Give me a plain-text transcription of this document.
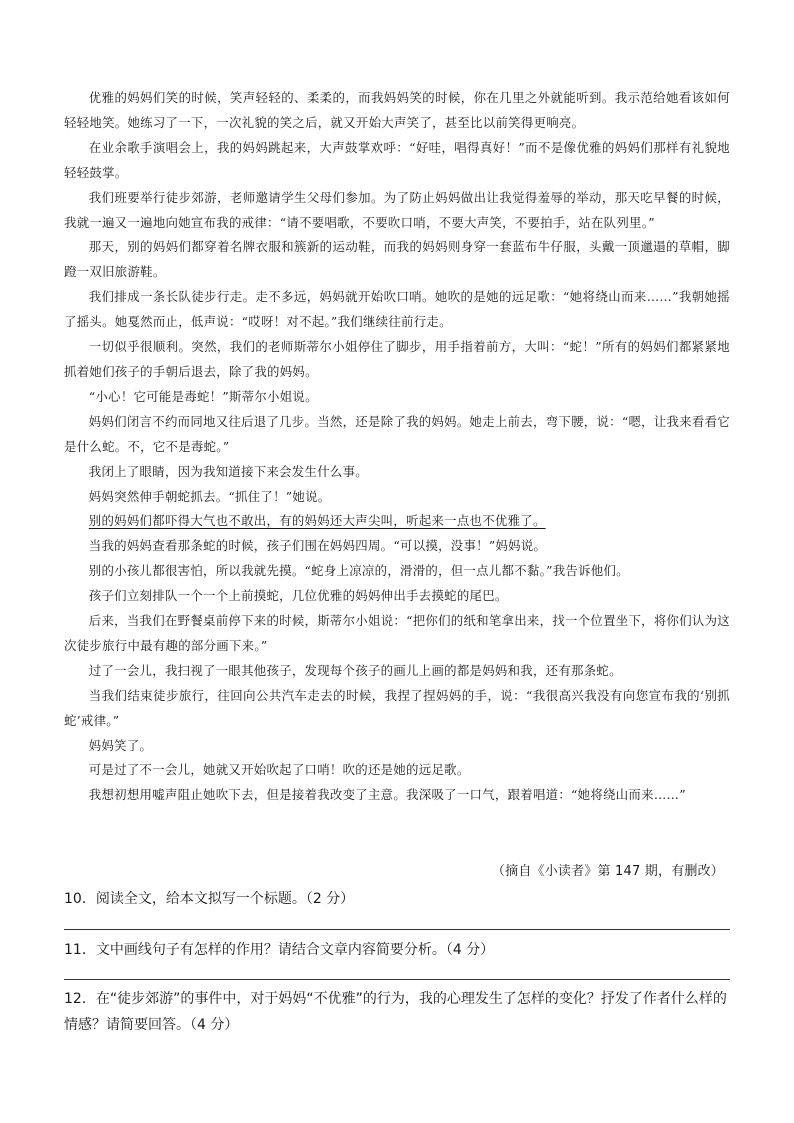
优雅的妈妈们笑的时候，笑声轻轻的、柔柔的，而我妈妈笑的时候，你在几里之外就能听到。我示范给她看该如何轻轻地笑。她练习了一下，一次礼貌的笑之后，就又开始大声笑了，甚至比以前笑得更响亮。

在业余歌手演唱会上，我的妈妈跳起来，大声鼓掌欢呼：“好哇，唱得真好！”而不是像优雅的妈妈们那样有礼貌地轻轻鼓掌。

我们班要举行徒步郊游，老师邀请学生父母们参加。为了防止妈妈做出让我觉得羞辱的举动，那天吃早餐的时候，我就一遍又一遍地向她宣布我的戒律：“请不要唱歌，不要吹口哨，不要大声笑，不要拍手，站在队列里。”

那天，别的妈妈们都穿着名牌衣服和簇新的运动鞋，而我的妈妈则身穿一套蓝布牛仔服，头戴一顶邋遢的草帽，脚蹬一双旧旅游鞋。

我们排成一条长队徒步行走。走不多远，妈妈就开始吹口哨。她吹的是她的远足歌：“她将绕山而来……”我朝她摇了摇头。她戛然而止，低声说：“哎呀！对不起。”我们继续往前行走。

一切似乎很顺利。突然，我们的老师斯蒂尔小姐停住了脚步，用手指着前方，大叫：“蛇！”所有的妈妈们都紧紧地抓着她们孩子的手朝后退去，除了我的妈妈。

“小心！它可能是毒蛇！”斯蒂尔小姐说。

妈妈们闭言不约而同地又往后退了几步。当然，还是除了我的妈妈。她走上前去，弯下腰，说：“嗯，让我来看看它是什么蛇。不，它不是毒蛇。”

我闭上了眼睛，因为我知道接下来会发生什么事。

妈妈突然伸手朝蛇抓去。“抓住了！”她说。

别的妈妈们都吓得大气也不敢出，有的妈妈还大声尖叫，听起来一点也不优雅了。

当我的妈妈查看那条蛇的时候，孩子们围在妈妈四周。“可以摸，没事！”妈妈说。

别的小孩儿都很害怕，所以我就先摸。“蛇身上凉凉的，滑滑的，但一点儿都不黏。”我告诉他们。

孩子们立刻排队一个一个上前摸蛇，几位优雅的妈妈伸出手去摸蛇的尾巴。

后来，当我们在野餐桌前停下来的时候，斯蒂尔小姐说：“把你们的纸和笔拿出来，找一个位置坐下，将你们认为这次徒步旅行中最有趣的部分画下来。”

过了一会儿，我扫视了一眼其他孩子，发现每个孩子的画儿上画的都是妈妈和我，还有那条蛇。

当我们结束徒步旅行，往回向公共汽车走去的时候，我捏了捏妈妈的手，说：“我很高兴我没有向您宣布我的‘别抓蛇’戒律。”

妈妈笑了。

可是过了不一会儿，她就又开始吹起了口哨！吹的还是她的远足歌。

我想初想用嘘声阻止她吹下去，但是接着我改变了主意。我深吸了一口气，跟着唱道：“她将绕山而来……”

（摘自《小读者》第 147 期，有删改）

10．阅读全文，给本文拟写一个标题。（2 分）

11．文中画线句子有怎样的作用？请结合文章内容简要分析。（4 分）

12．在“徒步郊游”的事件中，对于妈妈“不优雅”的行为，我的心理发生了怎样的变化？抒发了作者什么样的情感？请简要回答。（4 分）
